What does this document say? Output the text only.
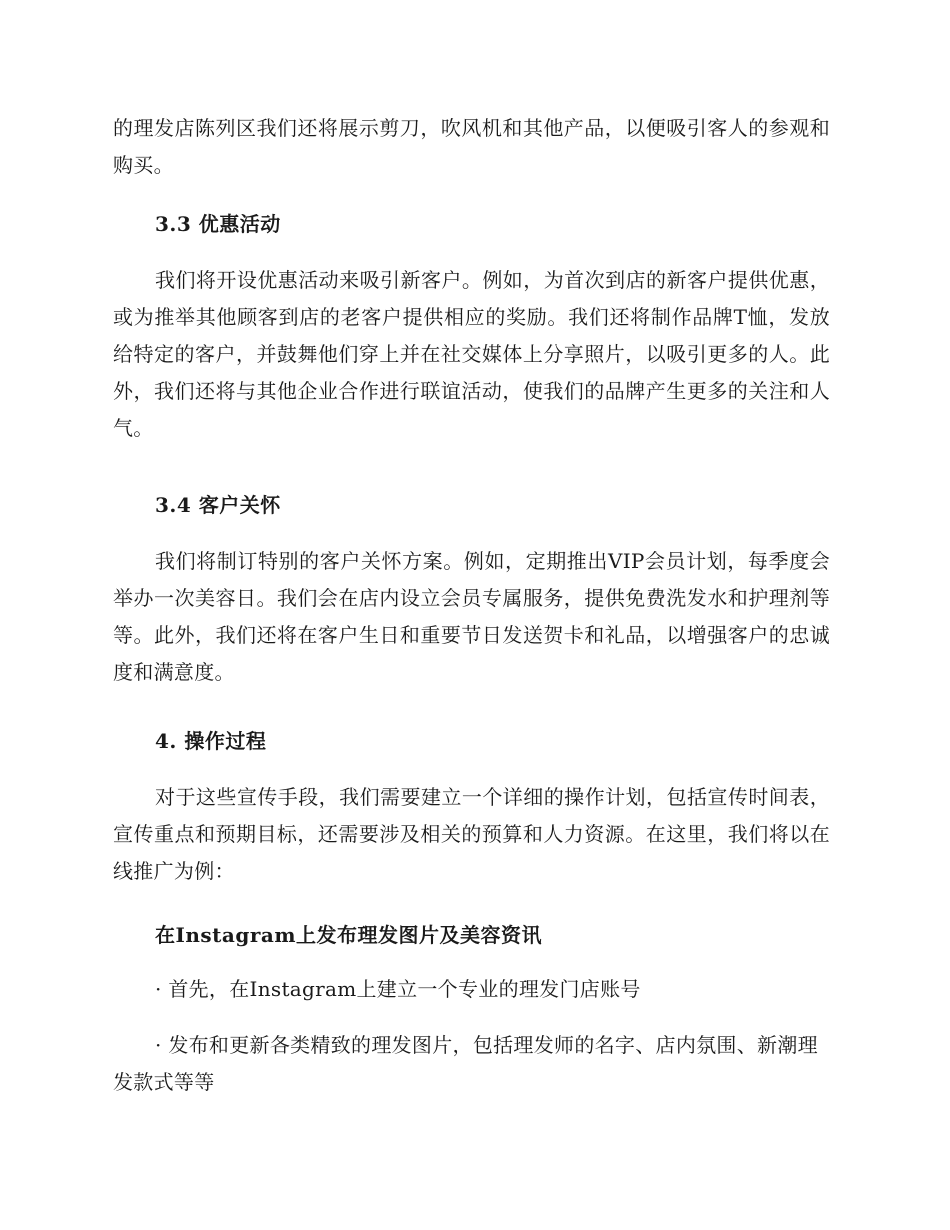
的理发店陈列区我们还将展示剪刀，吹风机和其他产品，以便吸引客人的参观和购买。

3.3 优惠活动

我们将开设优惠活动来吸引新客户。例如，为首次到店的新客户提供优惠，或为推举其他顾客到店的老客户提供相应的奖励。我们还将制作品牌T恤，发放给特定的客户，并鼓舞他们穿上并在社交媒体上分享照片，以吸引更多的人。此外，我们还将与其他企业合作进行联谊活动，使我们的品牌产生更多的关注和人气。

3.4 客户关怀

我们将制订特别的客户关怀方案。例如，定期推出VIP会员计划，每季度会举办一次美容日。我们会在店内设立会员专属服务，提供免费洗发水和护理剂等等。此外，我们还将在客户生日和重要节日发送贺卡和礼品，以增强客户的忠诚度和满意度。

4. 操作过程

对于这些宣传手段，我们需要建立一个详细的操作计划，包括宣传时间表，宣传重点和预期目标，还需要涉及相关的预算和人力资源。在这里，我们将以在线推广为例：

在Instagram上发布理发图片及美容资讯

· 首先，在Instagram上建立一个专业的理发门店账号

· 发布和更新各类精致的理发图片，包括理发师的名字、店内氛围、新潮理发款式等等
